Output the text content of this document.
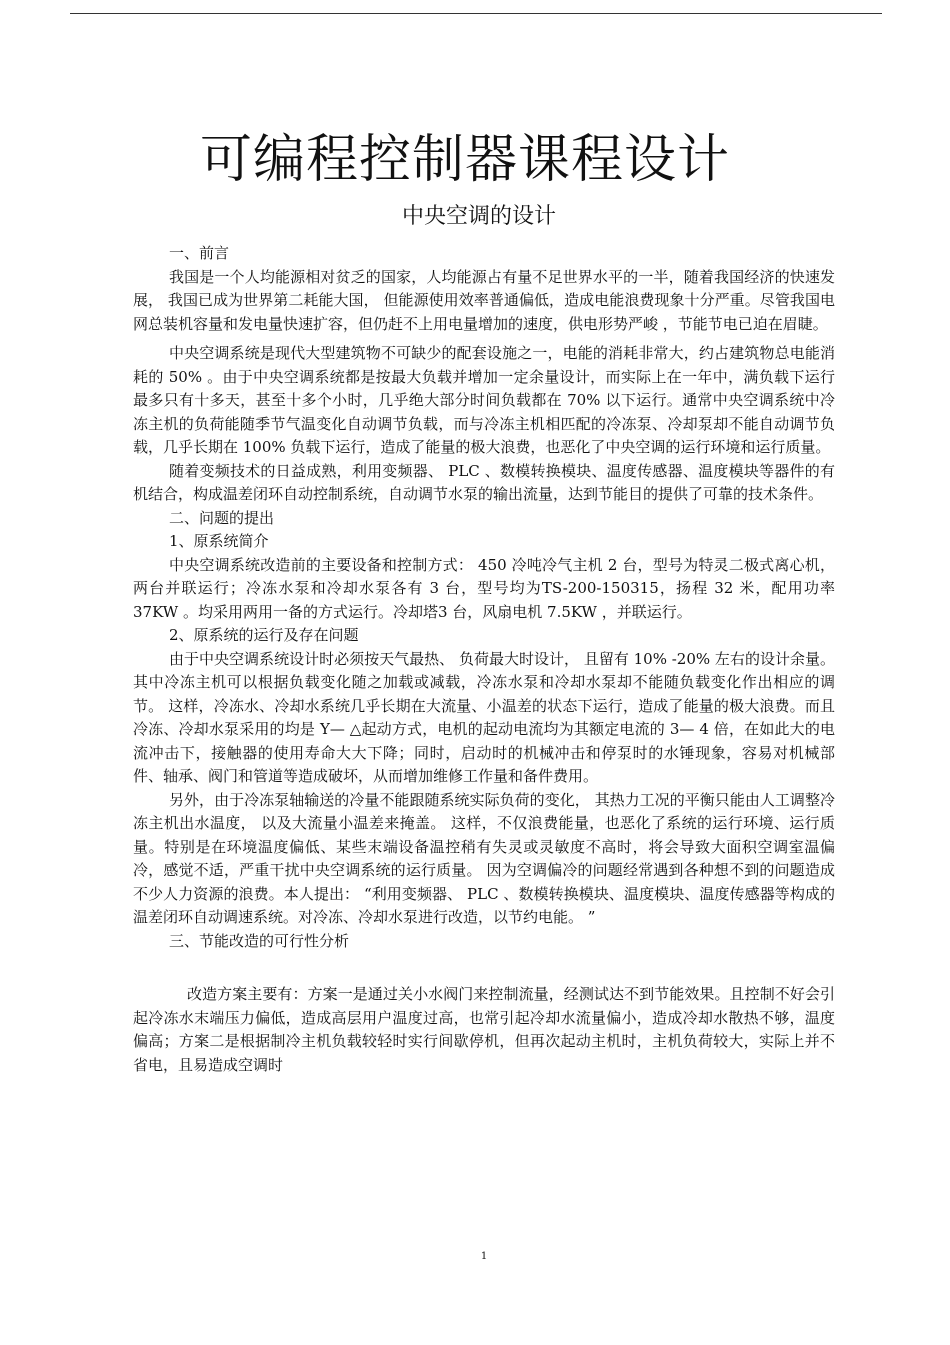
可编程控制器课程设计
中央空调的设计
一、前言

我国是一个人均能源相对贫乏的国家，人均能源占有量不足世界水平的一半，随着我国经济的快速发展， 我国已成为世界第二耗能大国， 但能源使用效率普通偏低，造成电能浪费现象十分严重。尽管我国电网总装机容量和发电量快速扩容，但仍赶不上用电量增加的速度，供电形势严峻 ，节能节电已迫在眉睫。

中央空调系统是现代大型建筑物不可缺少的配套设施之一，电能的消耗非常大，约占建筑物总电能消耗的 50% 。由于中央空调系统都是按最大负载并增加一定余量设计，而实际上在一年中，满负载下运行最多只有十多天，甚至十多个小时，几乎绝大部分时间负载都在 70% 以下运行。通常中央空调系统中冷冻主机的负荷能随季节气温变化自动调节负载，而与冷冻主机相匹配的冷冻泵、冷却泵却不能自动调节负载，几乎长期在 100% 负载下运行，造成了能量的极大浪费，也恶化了中央空调的运行环境和运行质量。

随着变频技术的日益成熟，利用变频器、 PLC 、数模转换模块、温度传感器、温度模块等器件的有机结合，构成温差闭环自动控制系统，自动调节水泵的输出流量，达到节能目的提供了可靠的技术条件。

二、问题的提出
1、原系统简介

中央空调系统改造前的主要设备和控制方式： 450 冷吨冷气主机 2 台，型号为特灵二极式离心机，两台并联运行；冷冻水泵和冷却水泵各有 3 台，型号均为TS-200-150315，扬程 32 米，配用功率 37KW 。均采用两用一备的方式运行。冷却塔3 台，风扇电机 7.5KW ，并联运行。

2、原系统的运行及存在问题

由于中央空调系统设计时必须按天气最热、 负荷最大时设计， 且留有 10% -20% 左右的设计余量。其中冷冻主机可以根据负载变化随之加载或减载，冷冻水泵和冷却水泵却不能随负载变化作出相应的调节。 这样，冷冻水、冷却水系统几乎长期在大流量、小温差的状态下运行，造成了能量的极大浪费。而且冷冻、冷却水泵采用的均是 Y— △起动方式，电机的起动电流均为其额定电流的 3— 4 倍，在如此大的电流冲击下，接触器的使用寿命大大下降；同时，启动时的机械冲击和停泵时的水锤现象，容易对机械部件、轴承、阀门和管道等造成破坏，从而增加维修工作量和备件费用。

另外，由于冷冻泵轴输送的冷量不能跟随系统实际负荷的变化， 其热力工况的平衡只能由人工调整冷冻主机出水温度， 以及大流量小温差来掩盖。 这样，不仅浪费能量，也恶化了系统的运行环境、运行质量。特别是在环境温度偏低、某些末端设备温控稍有失灵或灵敏度不高时，将会导致大面积空调室温偏冷，感觉不适，严重干扰中央空调系统的运行质量。 因为空调偏冷的问题经常遇到各种想不到的问题造成不少人力资源的浪费。本人提出： “利用变频器、 PLC 、数模转换模块、温度模块、温度传感器等构成的温差闭环自动调速系统。对冷冻、冷却水泵进行改造，以节约电能。 ”

三、节能改造的可行性分析

改造方案主要有：方案一是通过关小水阀门来控制流量，经测试达不到节能效果。且控制不好会引起冷冻水末端压力偏低，造成高层用户温度过高，也常引起冷却水流量偏小，造成冷却水散热不够，温度偏高；方案二是根据制冷主机负载较轻时实行间歇停机，但再次起动主机时，主机负荷较大，实际上并不省电，且易造成空调时

1
